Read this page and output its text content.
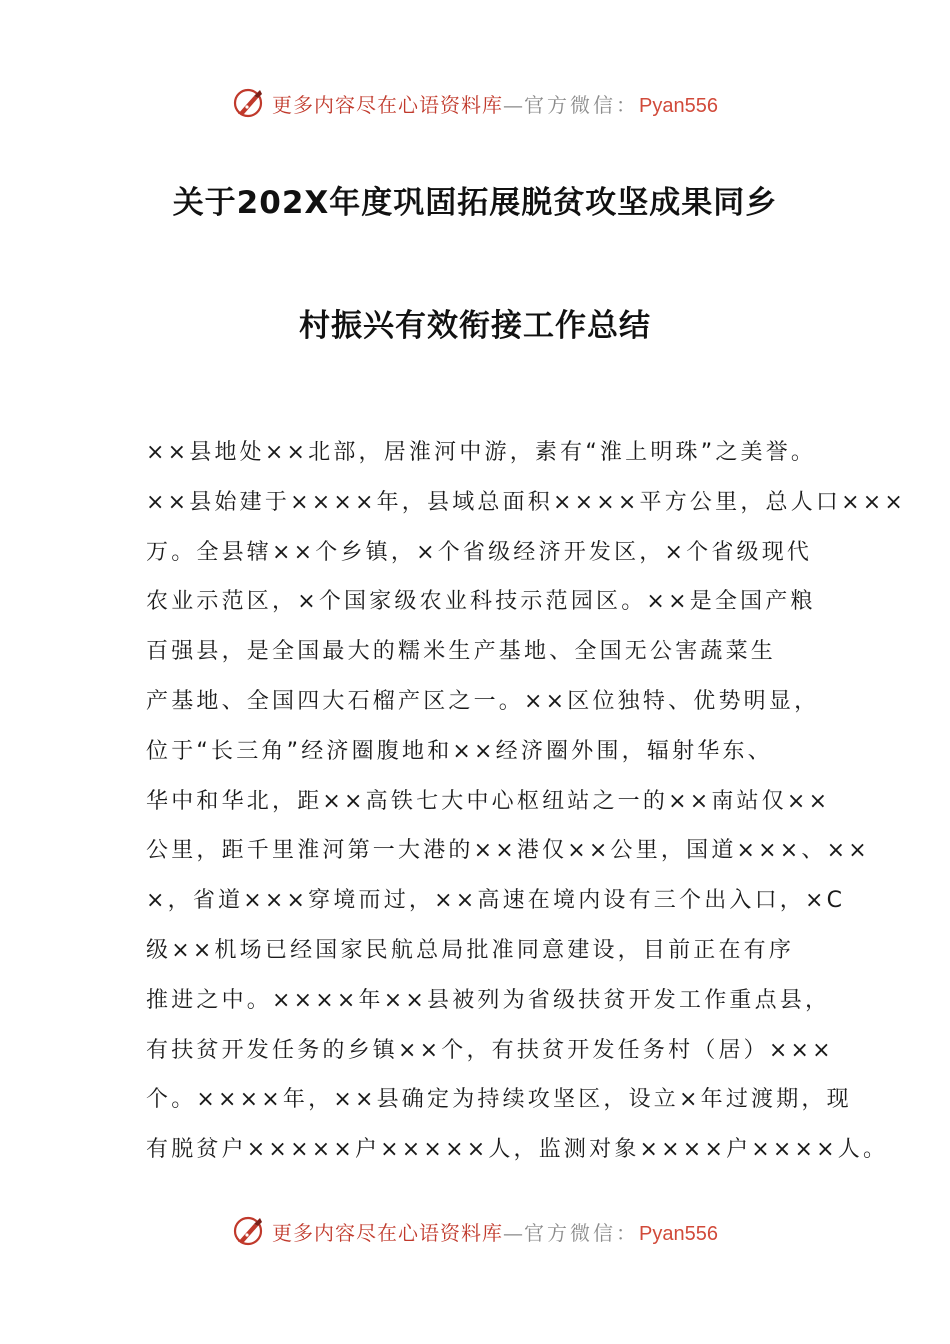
更多内容尽在心语资料库—官方微信：Pyan556
关于202X年度巩固拓展脱贫攻坚成果同乡
村振兴有效衔接工作总结
××县地处××北部，居淮河中游，素有“淮上明珠”之美誉。
××县始建于××××年，县域总面积××××平方公里，总人口×××
万。全县辖××个乡镇，×个省级经济开发区，×个省级现代
农业示范区，×个国家级农业科技示范园区。××是全国产粮
百强县，是全国最大的糯米生产基地、全国无公害蔬菜生
产基地、全国四大石榴产区之一。××区位独特、优势明显，
位于“长三角”经济圈腹地和××经济圈外围，辐射华东、
华中和华北，距××高铁七大中心枢纽站之一的××南站仅××
公里，距千里淮河第一大港的××港仅××公里，国道×××、××
×，省道×××穿境而过，××高速在境内设有三个出入口，×C
级××机场已经国家民航总局批准同意建设，目前正在有序
推进之中。××××年××县被列为省级扶贫开发工作重点县，
有扶贫开发任务的乡镇××个，有扶贫开发任务村（居）×××
个。××××年，××县确定为持续攻坚区，设立×年过渡期，现
有脱贫户×××××户×××××人，监测对象××××户××××人。
更多内容尽在心语资料库—官方微信：Pyan556
